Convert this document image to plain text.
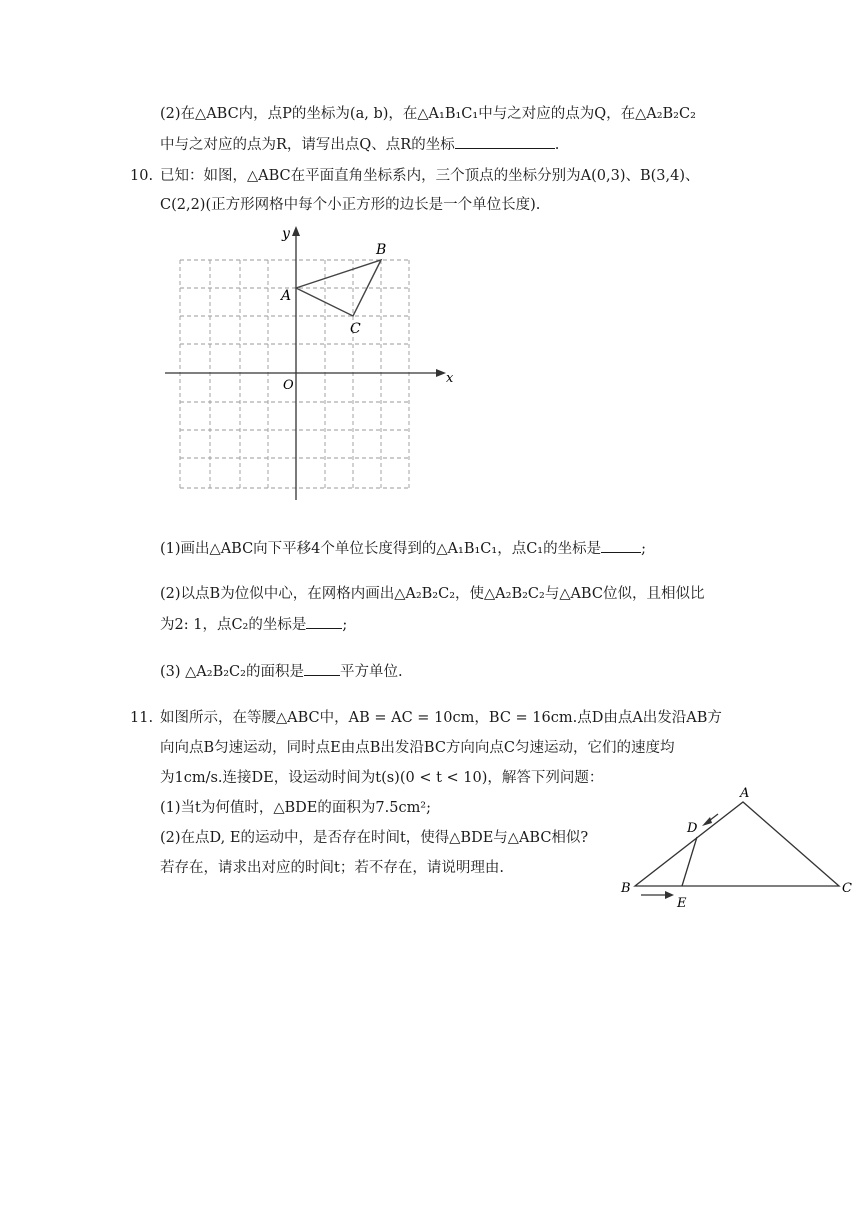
(2)在△ABC内，点P的坐标为(a, b)，在△A₁B₁C₁中与之对应的点为Q，在△A₂B₂C₂
中与之对应的点为R，请写出点Q、点R的坐标	.
10. 已知：如图，△ABC在平面直角坐标系内，三个顶点的坐标分别为A(0,3)、B(3,4)、
C(2,2)(正方形网格中每个小正方形的边长是一个单位长度).
y
x
O
A
B
C
(1)画出△ABC向下平移4个单位长度得到的△A₁B₁C₁，点C₁的坐标是	;
(2)以点B为位似中心，在网格内画出△A₂B₂C₂，使△A₂B₂C₂与△ABC位似，且相似比
为2: 1，点C₂的坐标是 ;
(3) △A₂B₂C₂的面积是 平方单位.
11. 如图所示，在等腰△ABC中，AB = AC = 10cm，BC = 16cm.点D由点A出发沿AB方
向向点B匀速运动，同时点E由点B出发沿BC方向向点C匀速运动，它们的速度均
为1cm/s.连接DE，设运动时间为t(s)(0 < t < 10)，解答下列问题：
(1)当t为何值时，△BDE的面积为7.5cm²;
(2)在点D, E的运动中，是否存在时间t，使得△BDE与△ABC相似?
若存在，请求出对应的时间t；若不存在，请说明理由.
A
B	C
D
E
